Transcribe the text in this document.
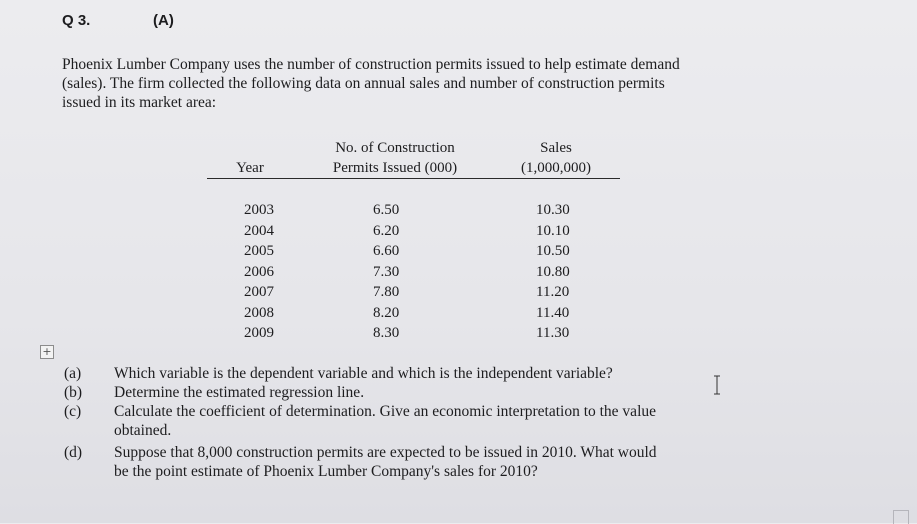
Q 3.	(A)
Phoenix Lumber Company uses the number of construction permits issued to help estimate demand
(sales). The firm collected the following data on annual sales and number of construction permits
issued in its market area:
Year
No. of Construction
Permits Issued (000)
Sales
(1,000,000)
2003
2004
2005
2006
2007
2008
2009
6.50
6.20
6.60
7.30
7.80
8.20
8.30
10.30
10.10
10.50
10.80
11.20
11.40
11.30
+
(a) Which variable is the dependent variable and which is the independent variable?
(b) Determine the estimated regression line.
(c) Calculate the coefficient of determination. Give an economic interpretation to the value
obtained.
(d) Suppose that 8,000 construction permits are expected to be issued in 2010. What would
be the point estimate of Phoenix Lumber Company's sales for 2010?
